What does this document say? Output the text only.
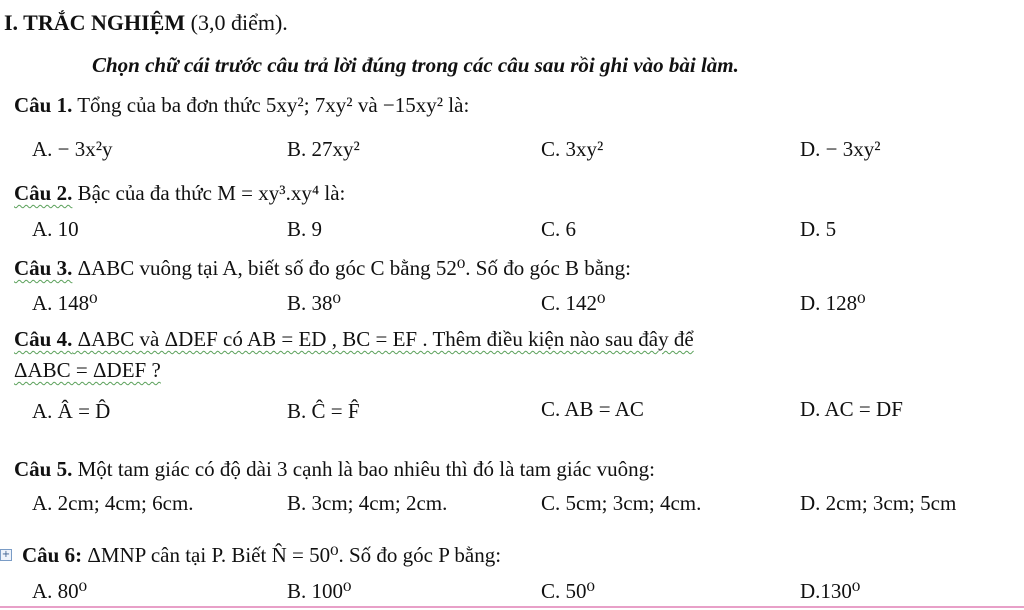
I. TRẮC NGHIỆM (3,0 điểm).
Chọn chữ cái trước câu trả lời đúng trong các câu sau rồi ghi vào bài làm.
Câu 1. Tổng của ba đơn thức 5xy²; 7xy² và −15xy² là:
A. − 3x²y	B. 27xy²	C. 3xy²	D. − 3xy²
Câu 2. Bậc của đa thức M = xy³.xy⁴ là:
A. 10	B. 9	C. 6	D. 5
Câu 3. ΔABC vuông tại A, biết số đo góc C bằng 52⁰. Số đo góc B bằng:
A. 148⁰	B. 38⁰	C. 142⁰	D. 128⁰
Câu 4. ΔABC và ΔDEF có AB = ED , BC = EF . Thêm điều kiện nào sau đây để
ΔABC = ΔDEF ?
A. Â = D̂	B. Ĉ = F̂	C. AB = AC	D. AC = DF
Câu 5. Một tam giác có độ dài 3 cạnh là bao nhiêu thì đó là tam giác vuông:
A. 2cm; 4cm; 6cm.	B. 3cm; 4cm; 2cm.	C. 5cm; 3cm; 4cm.	D. 2cm; 3cm; 5cm
+ Câu 6: ΔMNP cân tại P. Biết N̂ = 50⁰. Số đo góc P bằng:
A. 80⁰	B. 100⁰	C. 50⁰	D.130⁰
